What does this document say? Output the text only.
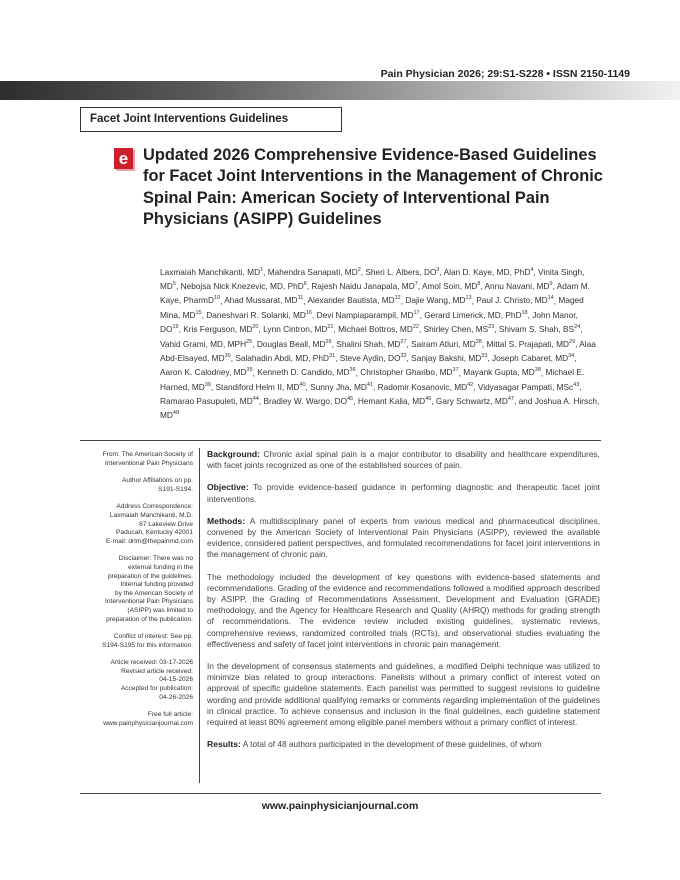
Pain Physician 2026; 29:S1-S228 • ISSN 2150-1149
Facet Joint Interventions Guidelines
e Updated 2026 Comprehensive Evidence-Based Guidelines for Facet Joint Interventions in the Management of Chronic Spinal Pain: American Society of Interventional Pain Physicians (ASIPP) Guidelines

Laxmaiah Manchikanti, $MD^1$, Mahendra Sanapati, $MD^2$, Sheri L. Albers, $DO^3$, Alan D. Kaye, MD, PhD$^4$, Vinita Singh, $MD^5$, Nebojsa Nick Knezevic, MD, PhD$^6$, Rajesh Naidu Janapala, $MD^7$, Amol Soin, $MD^8$, Annu Navani, $MD^9$, Adam M. Kaye, PharmD$^{10}$, Ahad Mussarat, MD$^{11}$, Alexander Bautista, MD$^{12}$, Dajie Wang, MD$^{13}$, Paul J. Christo, MD$^{14}$, Maged Mina, MD$^{15}$, Daneshvari R. Solanki, MD$^{16}$, Devi Nampiaparampil, MD$^{17}$, Gerard Limerick, MD, PhD$^{18}$, John Manor, DO$^{19}$, Kris Ferguson, MD$^{20}$, Lynn Cintron, MD$^{21}$, Michael Bottros, MD$^{22}$, Shirley Chen, MS$^{23}$, Shivam S. Shah, BS$^{24}$, Vahid Grami, MD, MPH$^{25}$, Douglas Beall, MD$^{26}$, Shalini Shah, MD$^{27}$, Sairam Atluri, MD$^{28}$, Mittal S. Prajapati, MD$^{29}$, Alaa Abd-Elsayed, MD$^{30}$, Salahadin Abdi, MD, PhD$^{31}$, Steve Aydin, DO$^{32}$, Sanjay Bakshi, MD$^{33}$, Joseph Cabaret, MD$^{34}$, Aaron K. Calodney, MD$^{35}$, Kenneth D. Candido, MD$^{36}$, Christopher Gharibo, MD$^{37}$, Mayank Gupta, MD$^{38}$, Michael E. Harned, MD$^{39}$, Standiford Helm II, MD$^{40}$, Sunny Jha, MD$^{41}$, Radomir Kosanovic, MD$^{42}$, Vidyasagar Pampati, MSc$^{43}$, Ramarao Pasupuleti, MD$^{44}$, Bradley W. Wargo, DO$^{45}$, Hemant Kalia, MD$^{46}$, Gary Schwartz, MD$^{47}$, and Joshua A. Hirsch, MD$^{48}$

From: The American Society of
Interventional Pain Physicians
Author Affiliations on pp.
S191-S194.
Address Correspondence:
Laxmaiah Manchikanti, M.D.
67 Lakeview Drive
Paducah, Kentucky 42001
E-mail: drlm@thepainmd.com
Disclaimer: There was no
external funding in the
preparation of the guidelines.
Internal funding provided
by the American Society of
Interventional Pain Physicians
(ASIPP) was limited to
preparation of the publication.
Conflict of interest: See pp.
S194-S195 for this information.
Article received: 03-17-2026
Revised article received:
04-15-2026
Accepted for publication:
04-26-2026
Free full article:
www.painphysicianjournal.com

Background: Chronic axial spinal pain is a major contributor to disability and healthcare expenditures, with facet joints recognized as one of the established sources of pain.

Objective: To provide evidence-based guidance in performing diagnostic and therapeutic facet joint interventions.

Methods: A multidisciplinary panel of experts from various medical and pharmaceutical disciplines, convened by the American Society of Interventional Pain Physicians (ASIPP), reviewed the available evidence, considered patient perspectives, and formulated recommendations for facet joint interventions in the management of chronic pain.

The methodology included the development of key questions with evidence-based statements and recommendations. Grading of the evidence and recommendations followed a modified approach described by ASIPP, the Grading of Recommendations Assessment, Development and Evaluation (GRADE) methodology, and the Agency for Healthcare Research and Quality (AHRQ) methods for grading strength of recommendations. The evidence review included existing guidelines, systematic reviews, comprehensive reviews, randomized controlled trials (RCTs), and observational studies evaluating the effectiveness and safety of facet joint interventions in chronic pain management.

In the development of consensus statements and guidelines, a modified Delphi technique was utilized to minimize bias related to group interactions. Panelists without a primary conflict of interest voted on approval of specific guideline statements. Each panelist was permitted to suggest revisions to guideline wording and provide additional qualifying remarks or comments regarding implementation of the guidelines in clinical practice. To achieve consensus and inclusion in the final guidelines, each guideline statement required at least 80% agreement among eligible panel members without a primary conflict of interest.

Results: A total of 48 authors participated in the development of these guidelines, of whom

www.painphysicianjournal.com
